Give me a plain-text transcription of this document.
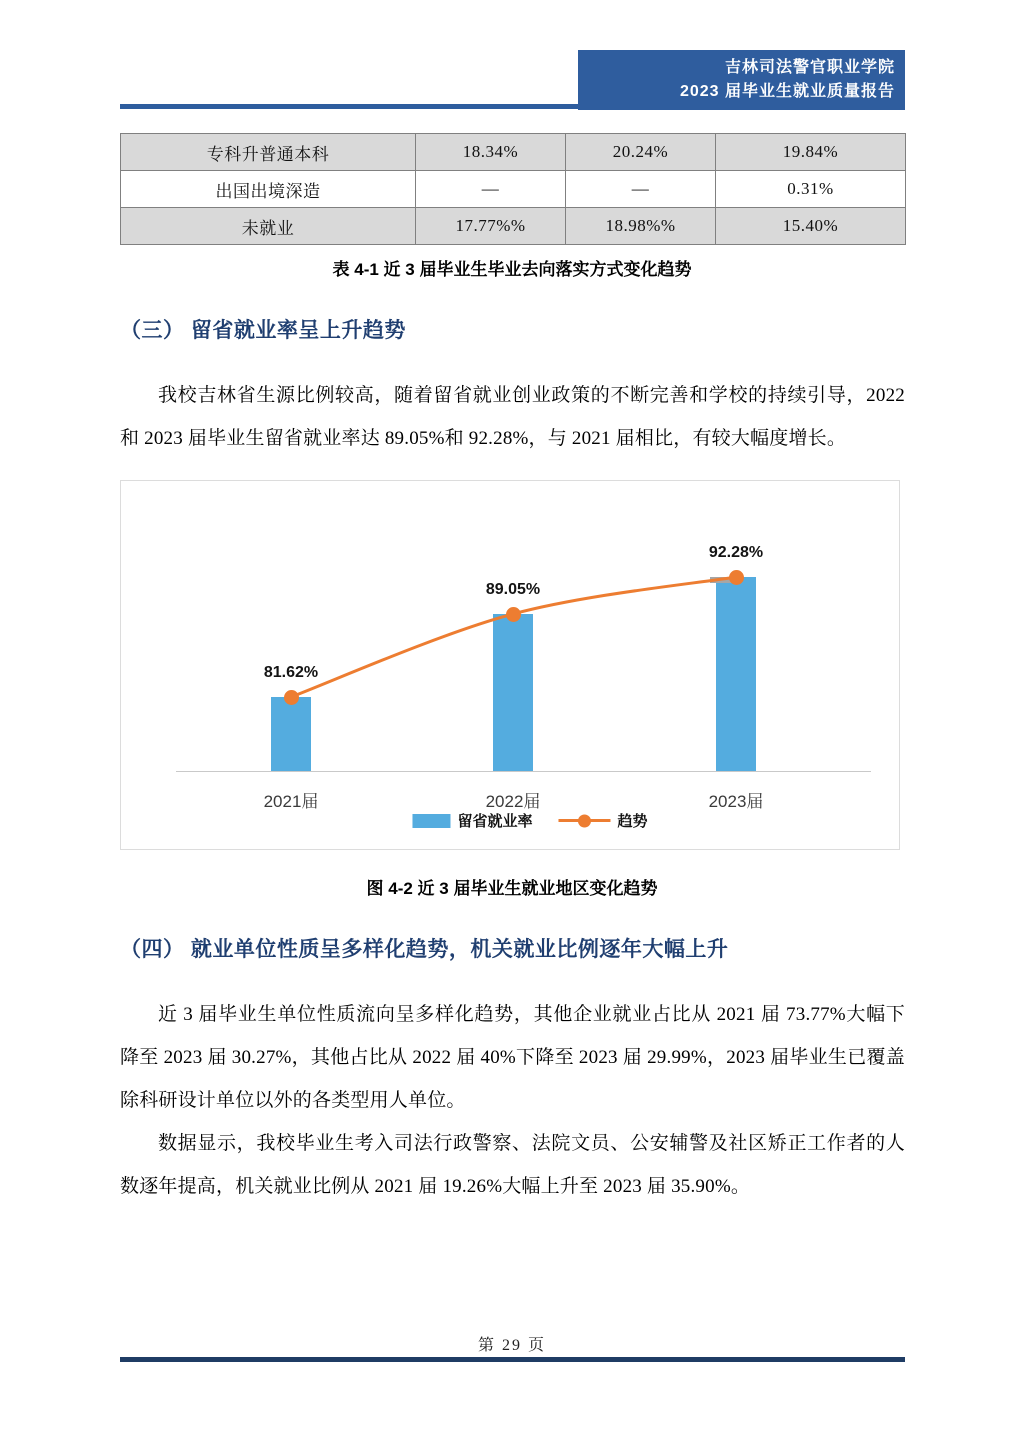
吉林司法警官职业学院
2023 届毕业生就业质量报告
专科升普通本科	18.34%	20.24%	19.84%
出国出境深造	—	—	0.31%
未就业	17.77%%	18.98%%	15.40%
表 4-1 近 3 届毕业生毕业去向落实方式变化趋势
（三） 留省就业率呈上升趋势
我校吉林省生源比例较高，随着留省就业创业政策的不断完善和学校的持续引导，2022 和 2023 届毕业生留省就业率达 89.05%和 92.28%，与 2021 届相比，有较大幅度增长。
2021届	2022届	2023届
81.62%
89.05%
92.28%
留省就业率	趋势
图 4-2 近 3 届毕业生就业地区变化趋势
（四） 就业单位性质呈多样化趋势，机关就业比例逐年大幅上升
近 3 届毕业生单位性质流向呈多样化趋势，其他企业就业占比从 2021 届 73.77%大幅下降至 2023 届 30.27%，其他占比从 2022 届 40%下降至 2023 届 29.99%，2023 届毕业生已覆盖除科研设计单位以外的各类型用人单位。
数据显示，我校毕业生考入司法行政警察、法院文员、公安辅警及社区矫正工作者的人数逐年提高，机关就业比例从 2021 届 19.26%大幅上升至 2023 届 35.90%。
第 29 页
